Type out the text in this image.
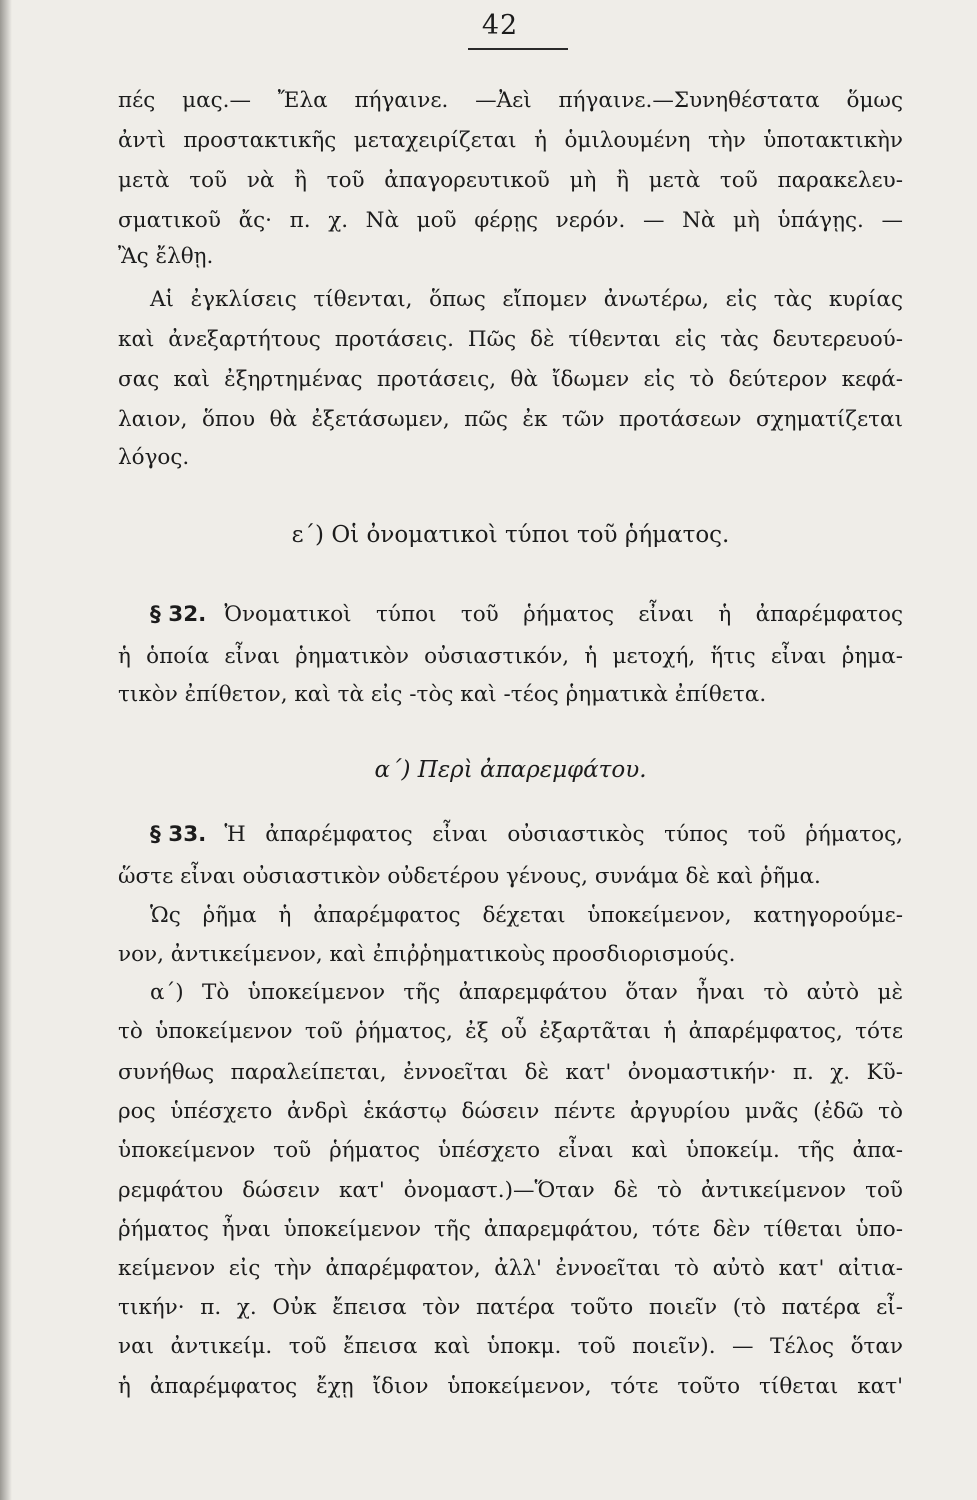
42

πές μας.— Ἔλα πήγαινε. —Ἀεὶ πήγαινε.—Συνηθέστατα ὅμως

ἀντὶ προστακτικῆς μεταχειρίζεται ἡ ὁμιλουμένη τὴν ὑποτακτικὴν

μετὰ τοῦ νὰ ἢ τοῦ ἀπαγορευτικοῦ μὴ ἢ μετὰ τοῦ παρακελευ-

σματικοῦ ἄς· π. χ. Νὰ μοῦ φέρῃς νερόν. — Νὰ μὴ ὑπάγῃς. —

Ἂς ἔλθῃ.

Αἱ ἐγκλίσεις τίθενται, ὅπως εἴπομεν ἀνωτέρω, εἰς τὰς κυρίας

καὶ ἀνεξαρτήτους προτάσεις. Πῶς δὲ τίθενται εἰς τὰς δευτερευού-

σας καὶ ἐξηρτημένας προτάσεις, θὰ ἴδωμεν εἰς τὸ δεύτερον κεφά-

λαιον, ὅπου θὰ ἐξετάσωμεν, πῶς ἐκ τῶν προτάσεων σχηματίζεται

λόγος.

ε΄) Οἱ ὀνοματικοὶ τύποι τοῦ ῥήματος.

§ 32. Ὀνοματικοὶ τύποι τοῦ ῥήματος εἶναι ἡ ἀπαρέμφατος

ἡ ὁποία εἶναι ῥηματικὸν οὐσιαστικόν, ἡ μετοχή, ἥτις εἶναι ῥημα-

τικὸν ἐπίθετον, καὶ τὰ εἰς -τὸς καὶ -τέος ῥηματικὰ ἐπίθετα.

α΄) Περὶ ἀπαρεμφάτου.

§ 33. Ἡ ἀπαρέμφατος εἶναι οὐσιαστικὸς τύπος τοῦ ῥήματος,

ὥστε εἶναι οὐσιαστικὸν οὐδετέρου γένους, συνάμα δὲ καὶ ῥῆμα.

Ὡς ῥῆμα ἡ ἀπαρέμφατος δέχεται ὑποκείμενον, κατηγορούμε-

νον, ἀντικείμενον, καὶ ἐπιῤῥηματικοὺς προσδιορισμούς.

α΄) Τὸ ὑποκείμενον τῆς ἀπαρεμφάτου ὅταν ἦναι τὸ αὐτὸ μὲ

τὸ ὑποκείμενον τοῦ ῥήματος, ἐξ οὗ ἐξαρτᾶται ἡ ἀπαρέμφατος, τότε

συνήθως παραλείπεται, ἐννοεῖται δὲ κατ' ὀνομαστικήν· π. χ. Κῦ-

ρος ὑπέσχετο ἀνδρὶ ἑκάστῳ δώσειν πέντε ἀργυρίου μνᾶς (ἐδῶ τὸ

ὑποκείμενον τοῦ ῥήματος ὑπέσχετο εἶναι καὶ ὑποκείμ. τῆς ἀπα-

ρεμφάτου δώσειν κατ' ὀνομαστ.)—Ὅταν δὲ τὸ ἀντικείμενον τοῦ

ῥήματος ἦναι ὑποκείμενον τῆς ἀπαρεμφάτου, τότε δὲν τίθεται ὑπο-

κείμενον εἰς τὴν ἀπαρέμφατον, ἀλλ' ἐννοεῖται τὸ αὐτὸ κατ' αἰτια-

τικήν· π. χ. Οὐκ ἔπεισα τὸν πατέρα τοῦτο ποιεῖν (τὸ πατέρα εἶ-

ναι ἀντικείμ. τοῦ ἔπεισα καὶ ὑποκμ. τοῦ ποιεῖν). — Τέλος ὅταν

ἡ ἀπαρέμφατος ἔχῃ ἴδιον ὑποκείμενον, τότε τοῦτο τίθεται κατ'
